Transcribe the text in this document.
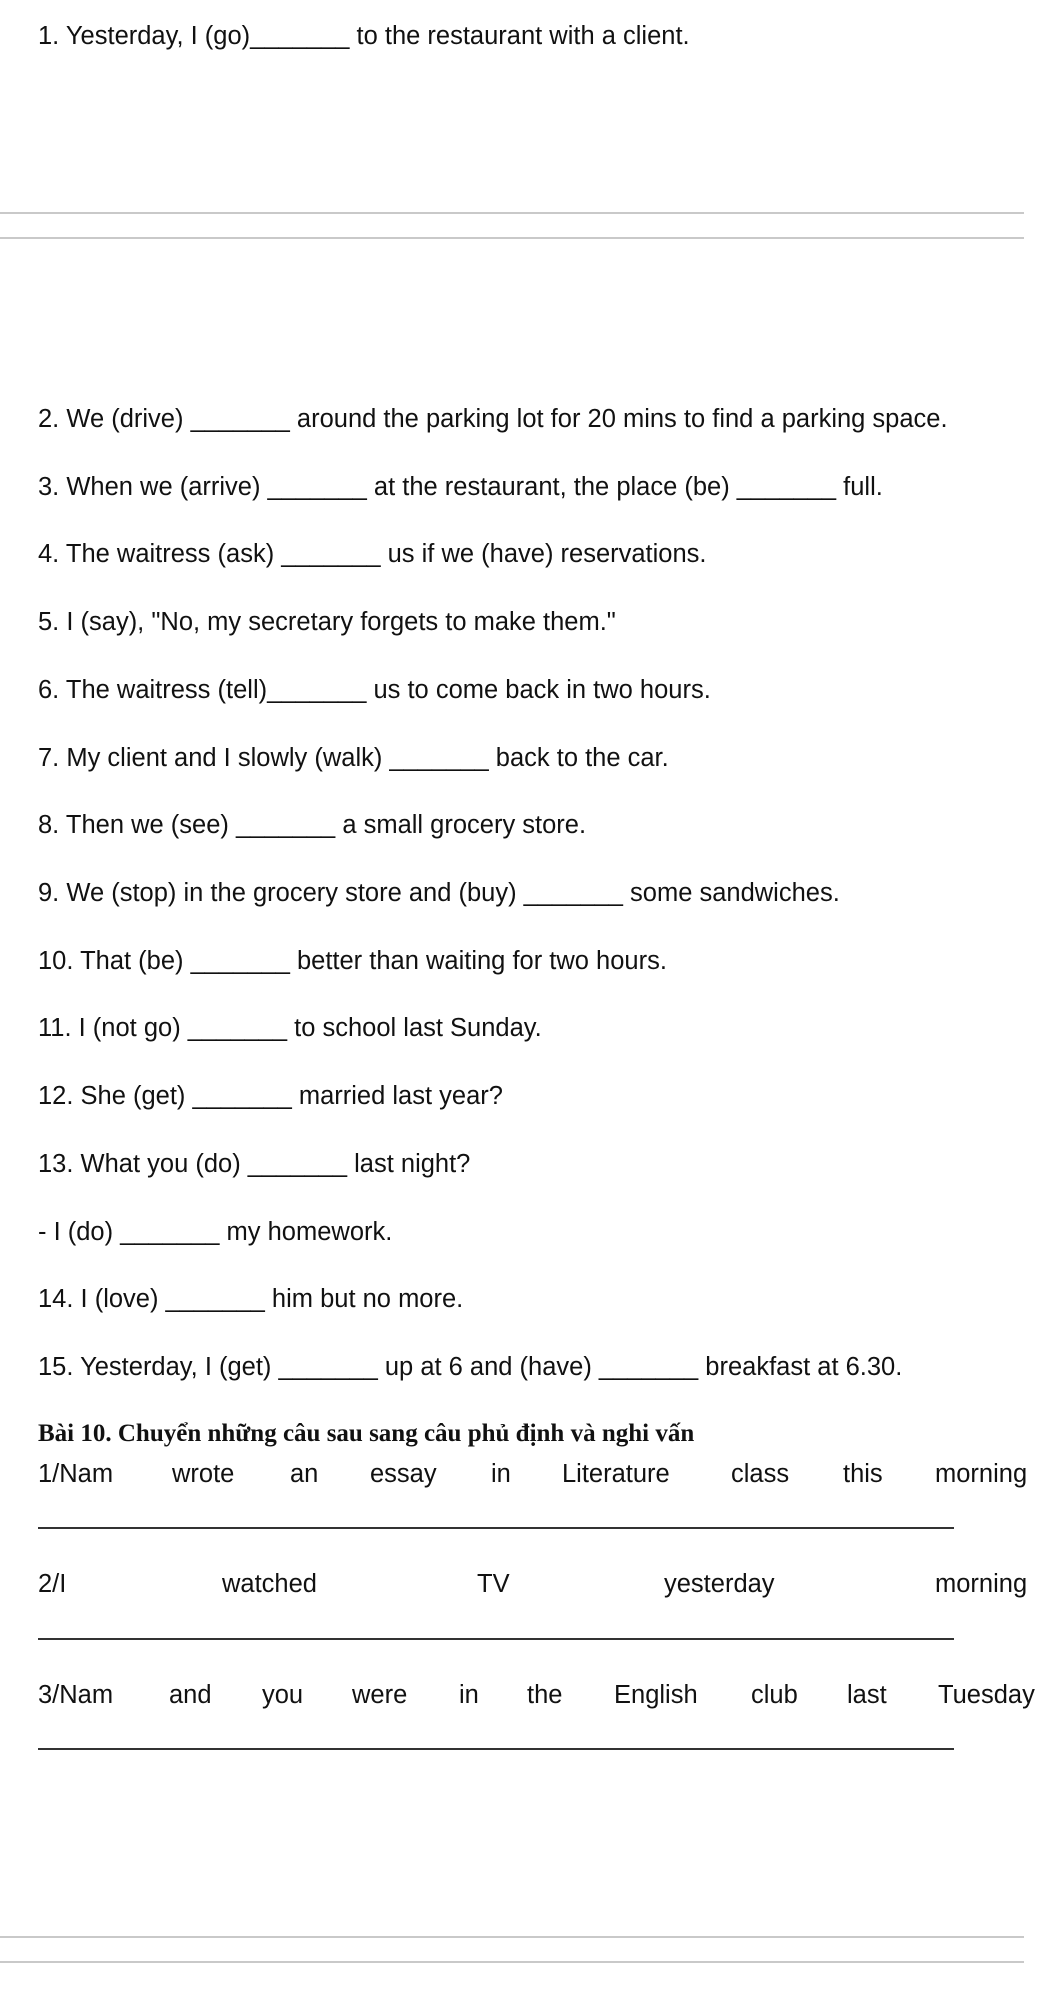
1. Yesterday, I (go)_______ to the restaurant with a client.
2. We (drive) _______ around the parking lot for 20 mins to find a parking space.
3. When we (arrive) _______ at the restaurant, the place (be) _______ full.
4. The waitress (ask) _______ us if we (have) reservations.
5. I (say), "No, my secretary forgets to make them."
6. The waitress (tell)_______ us to come back in two hours.
7. My client and I slowly (walk) _______ back to the car.
8. Then we (see) _______ a small grocery store.
9. We (stop) in the grocery store and (buy) _______ some sandwiches.
10. That (be) _______ better than waiting for two hours.
11. I (not go) _______ to school last Sunday.
12. She (get) _______ married last year?
13. What you (do) _______ last night?
- I (do) _______ my homework.
14. I (love) _______ him but no more.
15. Yesterday, I (get) _______ up at 6 and (have) _______ breakfast at 6.30.
Bài 10. Chuyển những câu sau sang câu phủ định và nghi vấn
1/Nam wrote an essay in Literature class this morning
2/I	watched	TV	yesterday	morning
3/Nam and you were in the English club last Tuesday
